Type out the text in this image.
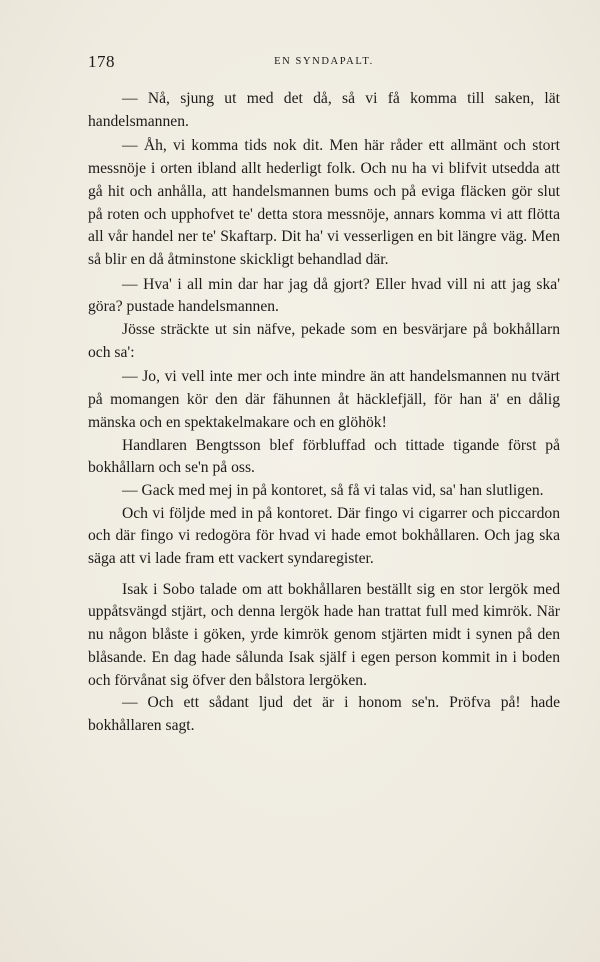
178	EN SYNDAPALT.

— Nå, sjung ut med det då, så vi få komma till saken, lät handelsmannen.

— Åh, vi komma tids nok dit. Men här råder ett allmänt och stort messnöje i orten ibland allt hederligt folk. Och nu ha vi blifvit utsedda att gå hit och anhålla, att handelsmannen bums och på eviga fläcken gör slut på roten och upphofvet te' detta stora messnöje, annars komma vi att flötta all vår handel ner te' Skaftarp. Dit ha' vi vesserligen en bit längre väg. Men så blir en då åtminstone skickligt behandlad där.

— Hva' i all min dar har jag då gjort? Eller hvad vill ni att jag ska' göra? pustade handelsmannen.

Jösse sträckte ut sin näfve, pekade som en besvärjare på bokhållarn och sa':

— Jo, vi vell inte mer och inte mindre än att handelsmannen nu tvärt på momangen kör den där fähunnen åt häcklefjäll, för han ä' en dålig mänska och en spektakelmakare och en glöhök!

Handlaren Bengtsson blef förbluffad och tittade tigande först på bokhållarn och se'n på oss.

— Gack med mej in på kontoret, så få vi talas vid, sa' han slutligen.

Och vi följde med in på kontoret. Där fingo vi cigarrer och piccardon och där fingo vi redogöra för hvad vi hade emot bokhållaren. Och jag ska säga att vi lade fram ett vackert syndaregister.

Isak i Sobo talade om att bokhållaren beställt sig en stor lergök med uppåtsvängd stjärt, och denna lergök hade han trattat full med kimrök. När nu någon blåste i göken, yrde kimrök genom stjärten midt i synen på den blåsande. En dag hade sålunda Isak själf i egen person kommit in i boden och förvånat sig öfver den bålstora lergöken.

— Och ett sådant ljud det är i honom se'n. Pröfva på! hade bokhållaren sagt.
